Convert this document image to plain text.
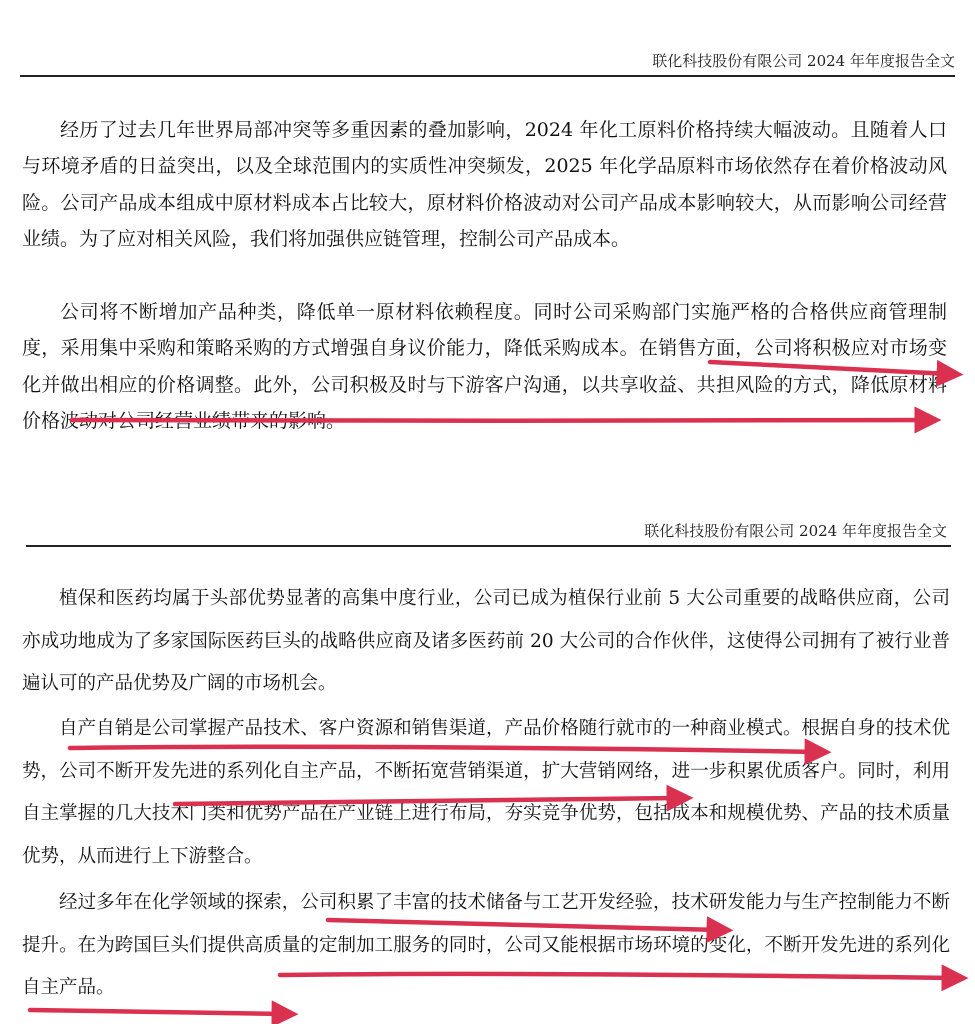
联化科技股份有限公司 2024 年年度报告全文

经历了过去几年世界局部冲突等多重因素的叠加影响，2024 年化工原料价格持续大幅波动。且随着人口与环境矛盾的日益突出，以及全球范围内的实质性冲突频发，2025 年化学品原料市场依然存在着价格波动风险。公司产品成本组成中原材料成本占比较大，原材料价格波动对公司产品成本影响较大，从而影响公司经营业绩。为了应对相关风险，我们将加强供应链管理，控制公司产品成本。

公司将不断增加产品种类，降低单一原材料依赖程度。同时公司采购部门实施严格的合格供应商管理制度，采用集中采购和策略采购的方式增强自身议价能力，降低采购成本。在销售方面，公司将积极应对市场变化并做出相应的价格调整。此外，公司积极及时与下游客户沟通，以共享收益、共担风险的方式，降低原材料价格波动对公司经营业绩带来的影响。

联化科技股份有限公司 2024 年年度报告全文

植保和医药均属于头部优势显著的高集中度行业，公司已成为植保行业前 5 大公司重要的战略供应商，公司亦成功地成为了多家国际医药巨头的战略供应商及诸多医药前 20 大公司的合作伙伴，这使得公司拥有了被行业普遍认可的产品优势及广阔的市场机会。

自产自销是公司掌握产品技术、客户资源和销售渠道，产品价格随行就市的一种商业模式。根据自身的技术优势，公司不断开发先进的系列化自主产品，不断拓宽营销渠道，扩大营销网络，进一步积累优质客户。同时，利用自主掌握的几大技术门类和优势产品在产业链上进行布局，夯实竞争优势，包括成本和规模优势、产品的技术质量优势，从而进行上下游整合。

经过多年在化学领域的探索，公司积累了丰富的技术储备与工艺开发经验，技术研发能力与生产控制能力不断提升。在为跨国巨头们提供高质量的定制加工服务的同时，公司又能根据市场环境的变化，不断开发先进的系列化自主产品。
